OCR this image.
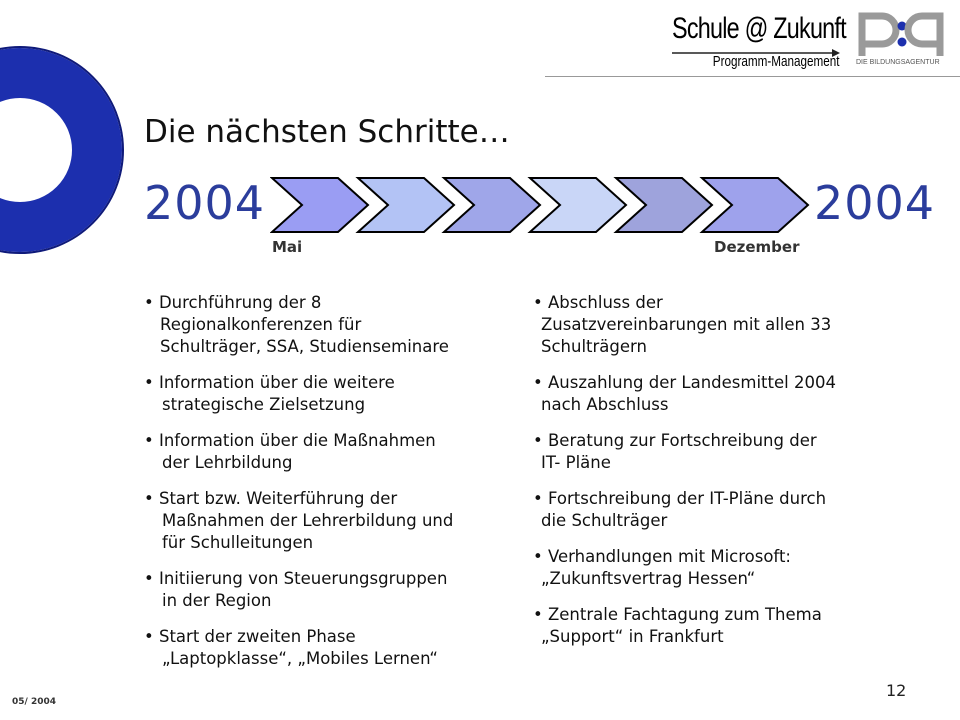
Schule @ Zukunft
Programm-Management DIE BILDUNGSAGENTUR
Die nächsten Schritte…
2004	2004
Mai	Dezember
• Durchführung der 8
Regionalkonferenzen für
Schulträger, SSA, Studienseminare
• Information über die weitere
strategische Zielsetzung
• Information über die Maßnahmen
der Lehrbildung
• Start bzw. Weiterführung der
Maßnahmen der Lehrerbildung und
für Schulleitungen
• Initiierung von Steuerungsgruppen
in der Region
• Start der zweiten Phase
„Laptopklasse“, „Mobiles Lernen“
• Abschluss der
Zusatzvereinbarungen mit allen 33
Schulträgern
• Auszahlung der Landesmittel 2004
nach Abschluss
• Beratung zur Fortschreibung der
IT- Pläne
• Fortschreibung der IT-Pläne durch
die Schulträger
• Verhandlungen mit Microsoft:
„Zukunftsvertrag Hessen“
• Zentrale Fachtagung zum Thema
„Support“ in Frankfurt
12
05/ 2004
